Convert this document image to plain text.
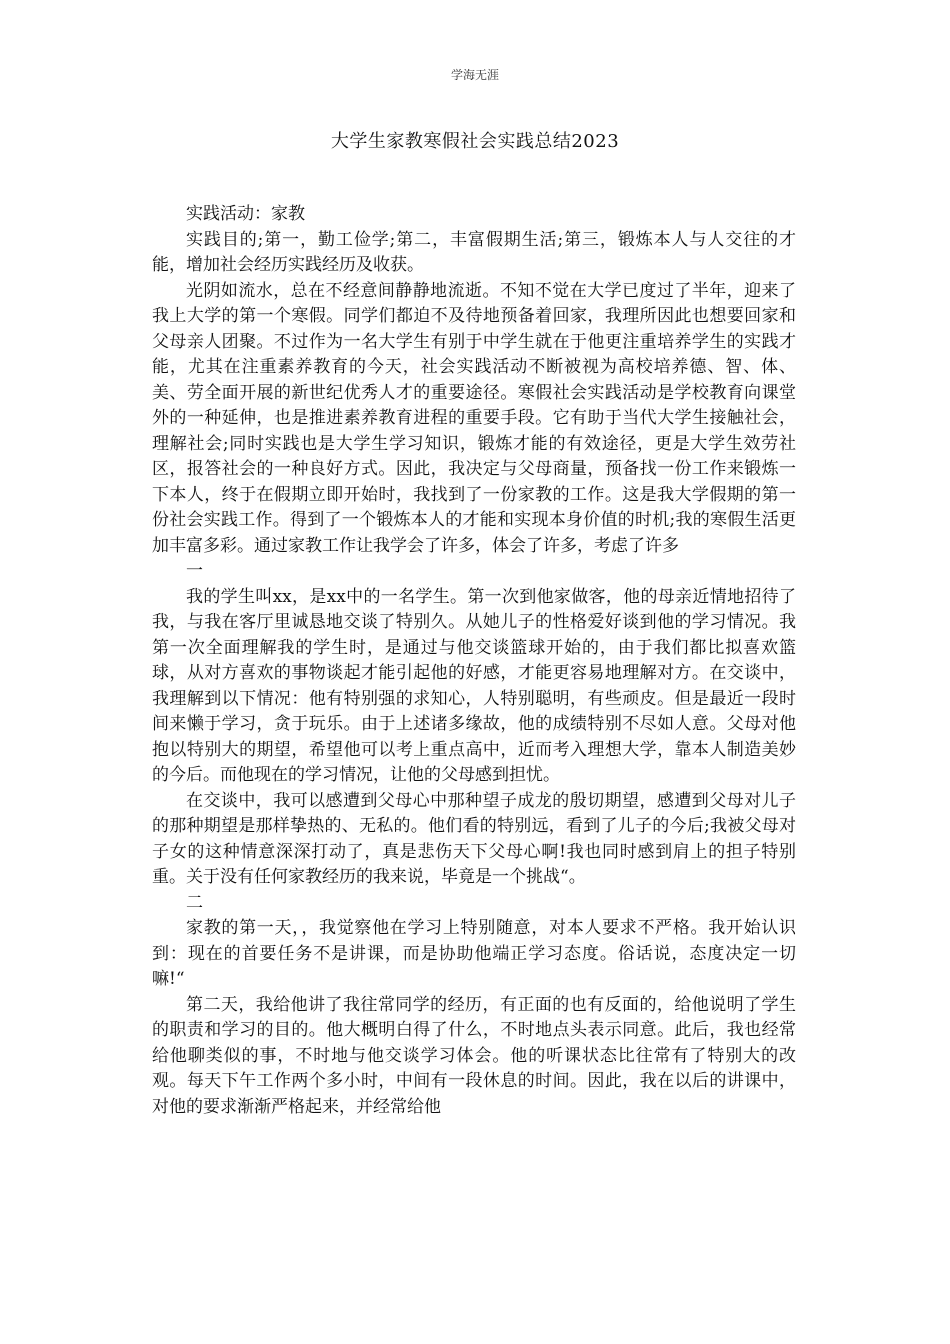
学海无涯
大学生家教寒假社会实践总结2023

实践活动：家教

实践目的;第一，勤工俭学;第二，丰富假期生活;第三，锻炼本人与人交往的才能，增加社会经历实践经历及收获。

光阴如流水，总在不经意间静静地流逝。不知不觉在大学已度过了半年，迎来了我上大学的第一个寒假。同学们都迫不及待地预备着回家，我理所因此也想要回家和父母亲人团聚。不过作为一名大学生有别于中学生就在于他更注重培养学生的实践才能，尤其在注重素养教育的今天，社会实践活动不断被视为高校培养德、智、体、美、劳全面开展的新世纪优秀人才的重要途径。寒假社会实践活动是学校教育向课堂外的一种延伸，也是推进素养教育进程的重要手段。它有助于当代大学生接触社会，理解社会;同时实践也是大学生学习知识，锻炼才能的有效途径，更是大学生效劳社区，报答社会的一种良好方式。因此，我决定与父母商量，预备找一份工作来锻炼一下本人，终于在假期立即开始时，我找到了一份家教的工作。这是我大学假期的第一份社会实践工作。得到了一个锻炼本人的才能和实现本身价值的时机;我的寒假生活更加丰富多彩。通过家教工作让我学会了许多，体会了许多，考虑了许多

一

我的学生叫xx，是xx中的一名学生。第一次到他家做客，他的母亲近情地招待了我，与我在客厅里诚恳地交谈了特别久。从她儿子的性格爱好谈到他的学习情况。我第一次全面理解我的学生时，是通过与他交谈篮球开始的，由于我们都比拟喜欢篮球，从对方喜欢的事物谈起才能引起他的好感，才能更容易地理解对方。在交谈中，我理解到以下情况：他有特别强的求知心，人特别聪明，有些顽皮。但是最近一段时间来懒于学习，贪于玩乐。由于上述诸多缘故，他的成绩特别不尽如人意。父母对他抱以特别大的期望，希望他可以考上重点高中，近而考入理想大学，靠本人制造美妙的今后。而他现在的学习情况，让他的父母感到担忧。

在交谈中，我可以感遭到父母心中那种望子成龙的殷切期望，感遭到父母对儿子的那种期望是那样挚热的、无私的。他们看的特别远，看到了儿子的今后;我被父母对子女的这种情意深深打动了，真是悲伤天下父母心啊!我也同时感到肩上的担子特别重。关于没有任何家教经历的我来说，毕竟是一个挑战“。

二

家教的第一天，，我觉察他在学习上特别随意，对本人要求不严格。我开始认识到：现在的首要任务不是讲课，而是协助他端正学习态度。俗话说，态度决定一切嘛!“

第二天，我给他讲了我往常同学的经历，有正面的也有反面的，给他说明了学生的职责和学习的目的。他大概明白得了什么，不时地点头表示同意。此后，我也经常给他聊类似的事，不时地与他交谈学习体会。他的听课状态比往常有了特别大的改观。每天下午工作两个多小时，中间有一段休息的时间。因此，我在以后的讲课中，对他的要求渐渐严格起来，并经常给他
